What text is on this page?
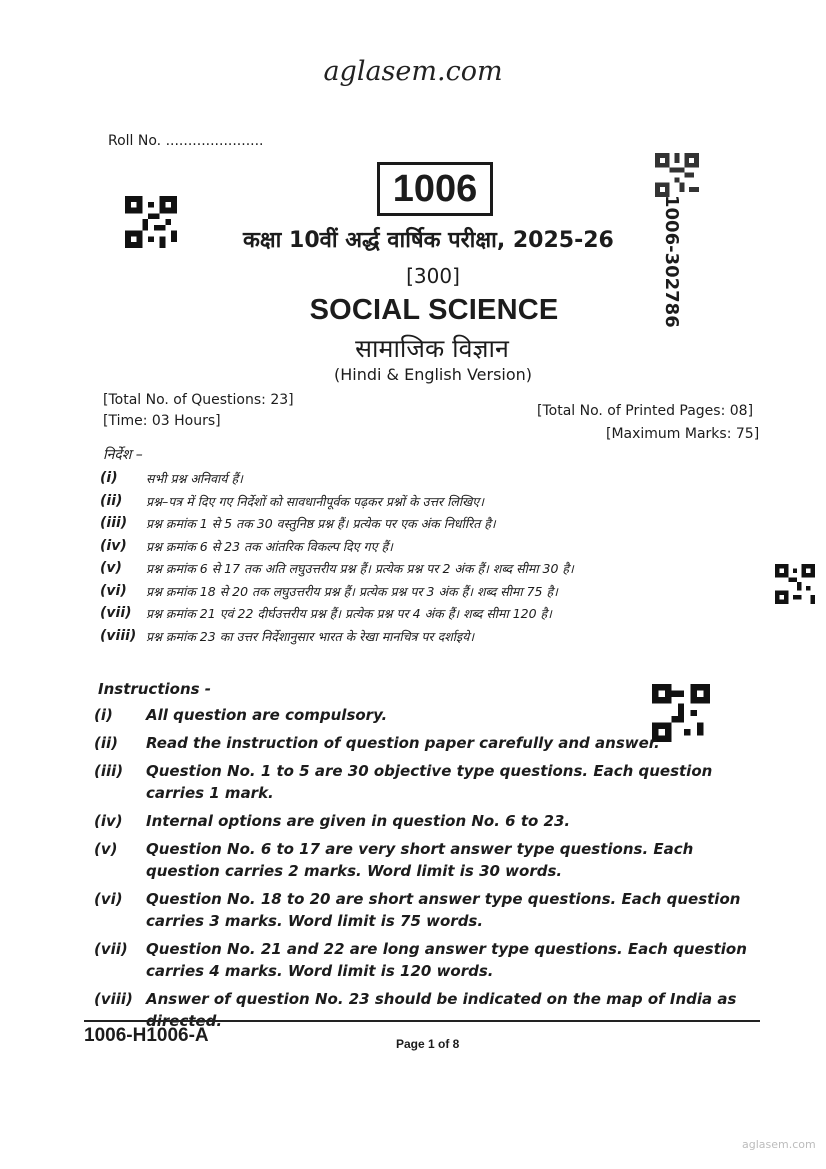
aglasem.com
Roll No. ......................
1006
1006-302786
कक्षा 10वीं अर्द्ध वार्षिक परीक्षा, 2025-26
[300]
SOCIAL SCIENCE
सामाजिक विज्ञान
(Hindi & English Version)
[Total No. of Questions: 23]
[Time: 03 Hours]
[Total No. of Printed Pages: 08]
[Maximum Marks: 75]
निर्देश –
(i) सभी प्रश्न अनिवार्य हैं।
(ii) प्रश्न–पत्र में दिए गए निर्देशों को सावधानीपूर्वक पढ़कर प्रश्नों के उत्तर लिखिए।
(iii) प्रश्न क्रमांक 1 से 5 तक 30 वस्तुनिष्ठ प्रश्न हैं। प्रत्येक पर एक अंक निर्धारित है।
(iv) प्रश्न क्रमांक 6 से 23 तक आंतरिक विकल्प दिए गए हैं।
(v) प्रश्न क्रमांक 6 से 17 तक अति लघुउत्तरीय प्रश्न हैं। प्रत्येक प्रश्न पर 2 अंक हैं। शब्द सीमा 30 है।
(vi) प्रश्न क्रमांक 18 से 20 तक लघुउत्तरीय प्रश्न हैं। प्रत्येक प्रश्न पर 3 अंक हैं। शब्द सीमा 75 है।
(vii) प्रश्न क्रमांक 21 एवं 22 दीर्घउत्तरीय प्रश्न हैं। प्रत्येक प्रश्न पर 4 अंक हैं। शब्द सीमा 120 है।
(viii) प्रश्न क्रमांक 23 का उत्तर निर्देशानुसार भारत के रेखा मानचित्र पर दर्शाइये।
Instructions -
(i) All question are compulsory.
(ii) Read the instruction of question paper carefully and answer.
(iii) Question No. 1 to 5 are 30 objective type questions. Each question carries 1 mark.
(iv) Internal options are given in question No. 6 to 23.
(v) Question No. 6 to 17 are very short answer type questions. Each question carries 2 marks. Word limit is 30 words.
(vi) Question No. 18 to 20 are short answer type questions. Each question carries 3 marks. Word limit is 75 words.
(vii) Question No. 21 and 22 are long answer type questions. Each question carries 4 marks. Word limit is 120 words.
(viii) Answer of question No. 23 should be indicated on the map of India as directed.
1006-H1006-A	Page 1 of 8
aglasem.com
